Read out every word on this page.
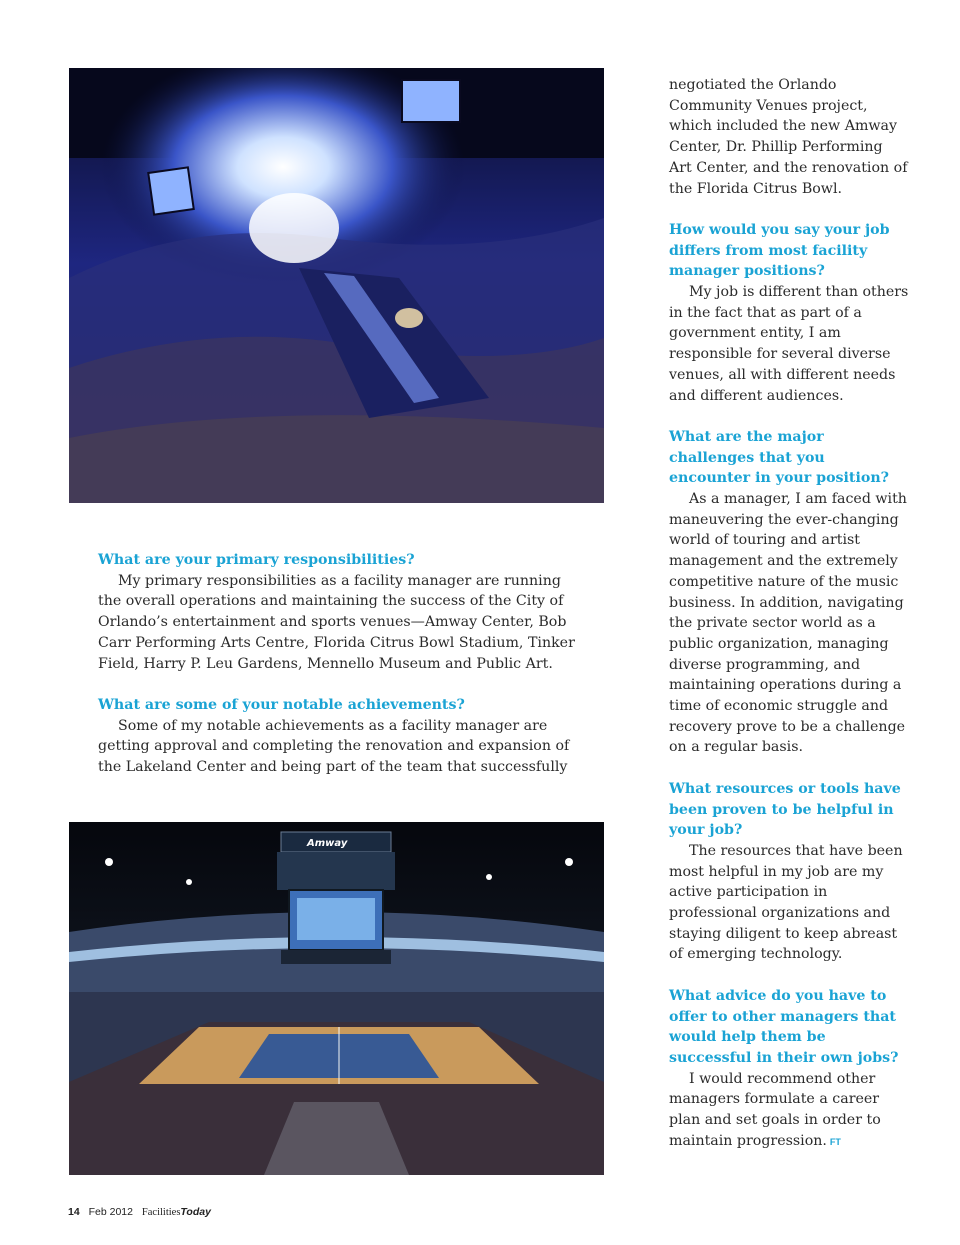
Amway

What are your primary responsibilities?

My primary responsibilities as a facility manager are running the overall operations and maintaining the success of the City of Orlando’s entertainment and sports venues—Amway Center, Bob Carr Performing Arts Centre, Florida Citrus Bowl Stadium, Tinker Field, Harry P. Leu Gardens, Mennello Museum and Public Art.

What are some of your notable achievements?

Some of my notable achievements as a facility manager are getting approval and completing the renovation and expansion of the Lakeland Center and being part of the team that successfully

negotiated the Orlando Community Venues project, which included the new Amway Center, Dr. Phillip Performing Art Center, and the renovation of the Florida Citrus Bowl.

How would you say your job differs from most facility manager positions?

My job is different than others in the fact that as part of a government entity, I am responsible for several diverse venues, all with different needs and different audiences.

What are the major challenges that you encounter in your position?

As a manager, I am faced with maneuvering the ever-changing world of touring and artist management and the extremely competitive nature of the music business. In addition, navigating the private sector world as a public organization, managing diverse programming, and maintaining operations during a time of economic struggle and recovery prove to be a challenge on a regular basis.

What resources or tools have been proven to be helpful in your job?

The resources that have been most helpful in my job are my active participation in professional organizations and staying diligent to keep abreast of emerging technology.

What advice do you have to offer to other managers that would help them be successful in their own jobs?

I would recommend other managers formulate a career plan and set goals in order to maintain progression. FT

14 Feb 2012 FacilitiesToday
